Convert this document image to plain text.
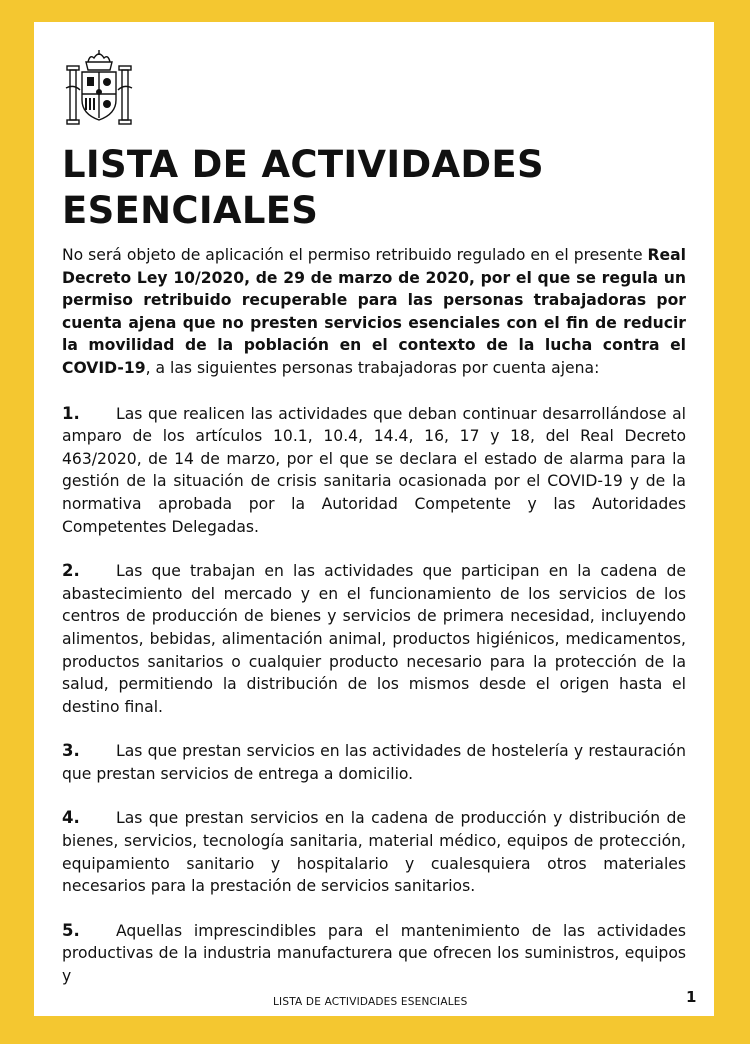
LISTA DE ACTIVIDADES
ESENCIALES

No será objeto de aplicación el permiso retribuido regulado en el presente Real Decreto Ley 10/2020, de 29 de marzo de 2020, por el que se regula un permiso retribuido recuperable para las personas trabajadoras por cuenta ajena que no presten servicios esenciales con el fin de reducir la movilidad de la población en el contexto de la lucha contra el COVID-19, a las siguientes personas trabajadoras por cuenta ajena:

1. Las que realicen las actividades que deban continuar desarrollándose al amparo de los artículos 10.1, 10.4, 14.4, 16, 17 y 18, del Real Decreto 463/2020, de 14 de marzo, por el que se declara el estado de alarma para la gestión de la situación de crisis sanitaria ocasionada por el COVID-19 y de la normativa aprobada por la Autoridad Competente y las Autoridades Competentes Delegadas.

2. Las que trabajan en las actividades que participan en la cadena de abastecimiento del mercado y en el funcionamiento de los servicios de los centros de producción de bienes y servicios de primera necesidad, incluyendo alimentos, bebidas, alimentación animal, productos higiénicos, medicamentos, productos sanitarios o cualquier producto necesario para la protección de la salud, permitiendo la distribución de los mismos desde el origen hasta el destino final.

3. Las que prestan servicios en las actividades de hostelería y restauración que prestan servicios de entrega a domicilio.

4. Las que prestan servicios en la cadena de producción y distribución de bienes, servicios, tecnología sanitaria, material médico, equipos de protección, equipamiento sanitario y hospitalario y cualesquiera otros materiales necesarios para la prestación de servicios sanitarios.

5. Aquellas imprescindibles para el mantenimiento de las actividades productivas de la industria manufacturera que ofrecen los suministros, equipos y

LISTA DE ACTIVIDADES ESENCIALES	1
